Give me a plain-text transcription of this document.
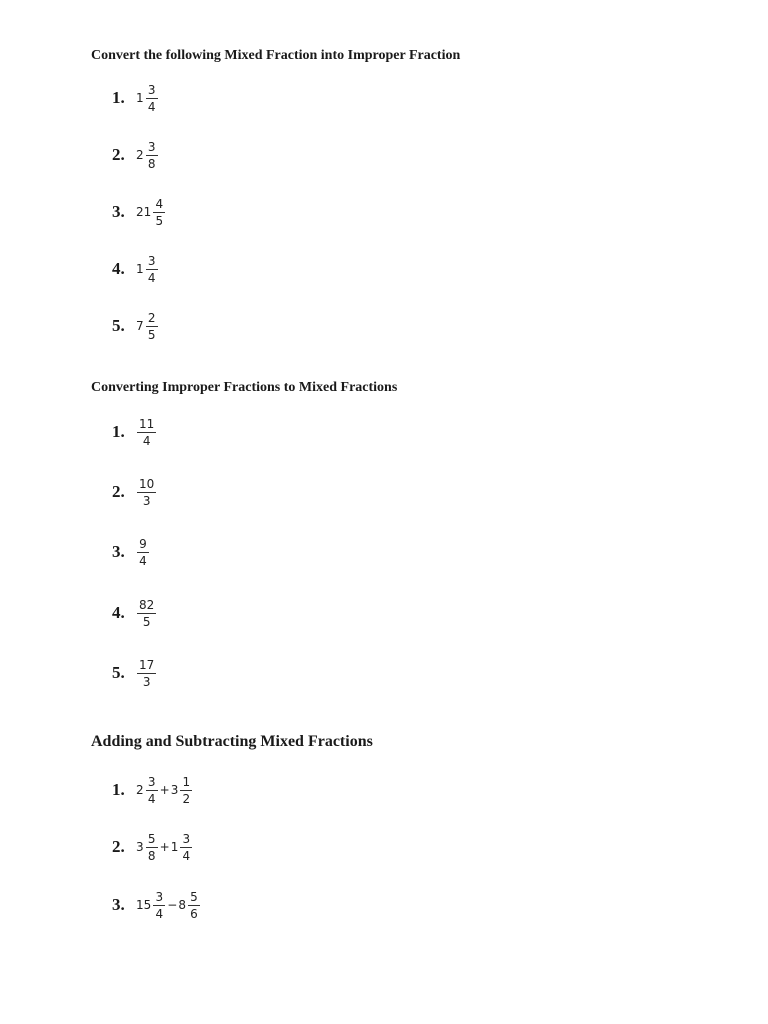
Convert the following Mixed Fraction into Improper Fraction
1. $1 \frac{3}{4}$
2. $2 \frac{3}{8}$
3. $21 \frac{4}{5}$
4. $1 \frac{3}{4}$
5. $7 \frac{2}{5}$
Converting Improper Fractions to Mixed Fractions
1. $\frac{11}{4}$
2. $\frac{10}{3}$
3. $\frac{9}{4}$
4. $\frac{82}{5}$
5. $\frac{17}{3}$
Adding and Subtracting Mixed Fractions
1. $2 \frac{3}{4} + 3 \frac{1}{2}$
2. $3 \frac{5}{8} + 1 \frac{3}{4}$
3. $15 \frac{3}{4} - 8 \frac{5}{6}$
